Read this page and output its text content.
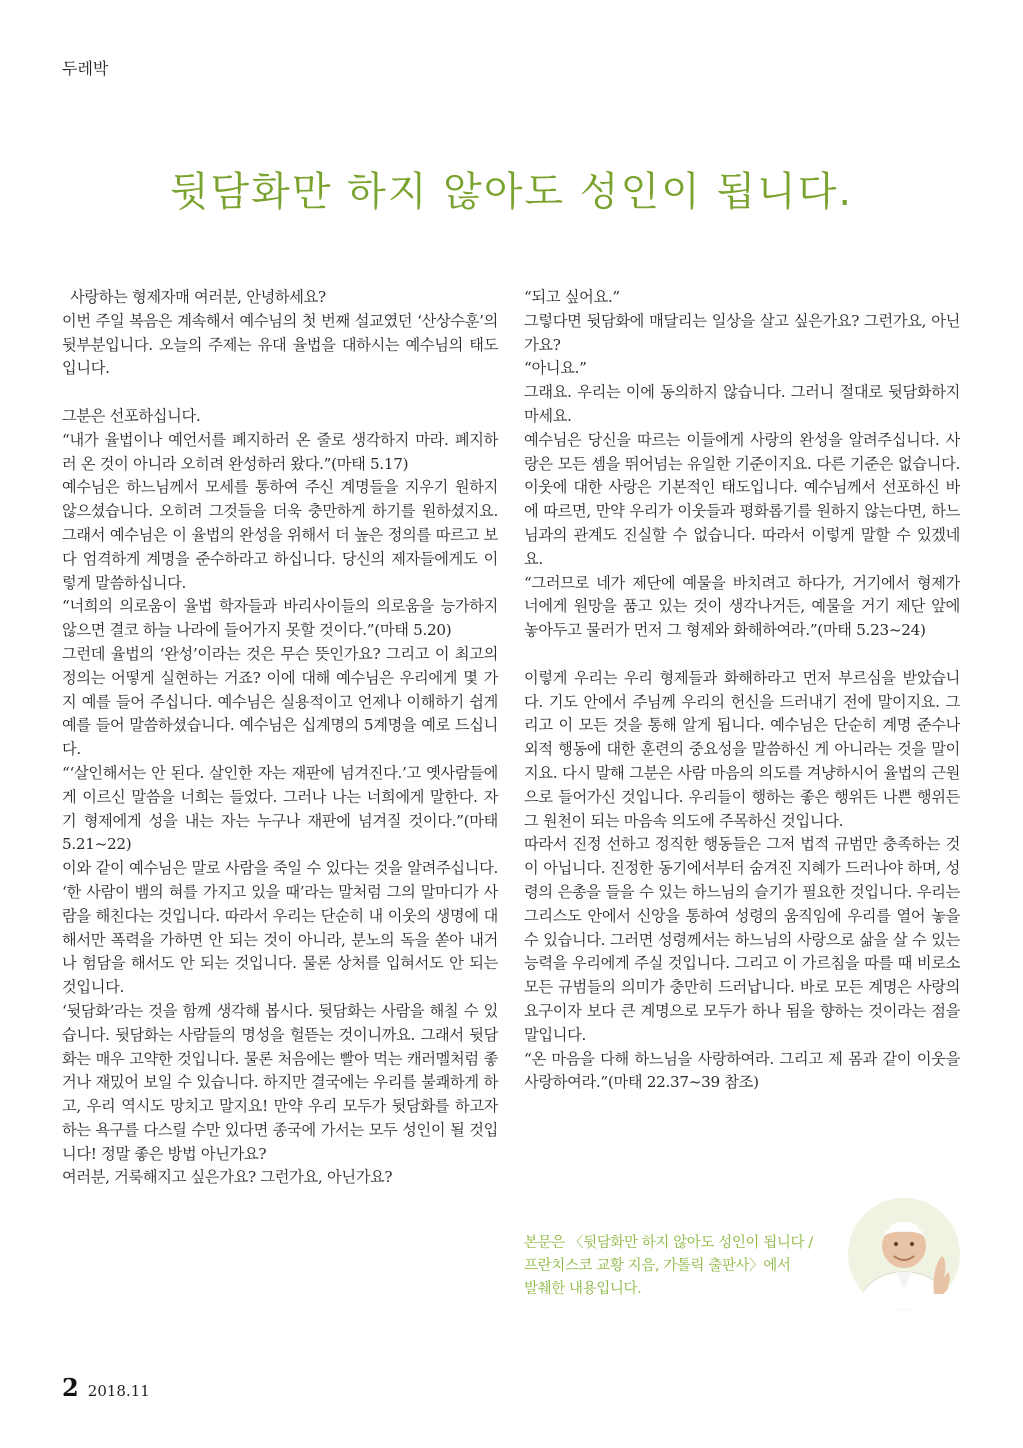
두레박
뒷담화만 하지 않아도 성인이 됩니다.

사랑하는 형제자매 여러분, 안녕하세요?

이번 주일 복음은 계속해서 예수님의 첫 번째 설교였던 ‘산상수훈’의 뒷부분입니다. 오늘의 주제는 유대 율법을 대하시는 예수님의 태도입니다.

그분은 선포하십니다.

“내가 율법이나 예언서를 폐지하러 온 줄로 생각하지 마라. 폐지하러 온 것이 아니라 오히려 완성하러 왔다.”(마태 5.17)

예수님은 하느님께서 모세를 통하여 주신 계명들을 지우기 원하지 않으셨습니다. 오히려 그것들을 더욱 충만하게 하기를 원하셨지요. 그래서 예수님은 이 율법의 완성을 위해서 더 높은 정의를 따르고 보다 엄격하게 계명을 준수하라고 하십니다. 당신의 제자들에게도 이렇게 말씀하십니다.

“너희의 의로움이 율법 학자들과 바리사이들의 의로움을 능가하지 않으면 결코 하늘 나라에 들어가지 못할 것이다.”(마태 5.20)

그런데 율법의 ‘완성’이라는 것은 무슨 뜻인가요? 그리고 이 최고의 정의는 어떻게 실현하는 거죠? 이에 대해 예수님은 우리에게 몇 가지 예를 들어 주십니다. 예수님은 실용적이고 언제나 이해하기 쉽게 예를 들어 말씀하셨습니다. 예수님은 십계명의 5계명을 예로 드십니다.

“‘살인해서는 안 된다. 살인한 자는 재판에 넘겨진다.’고 옛사람들에게 이르신 말씀을 너희는 들었다. 그러나 나는 너희에게 말한다. 자기 형제에게 성을 내는 자는 누구나 재판에 넘겨질 것이다.”(마태 5.21~22)

이와 같이 예수님은 말로 사람을 죽일 수 있다는 것을 알려주십니다. ‘한 사람이 뱀의 혀를 가지고 있을 때’라는 말처럼 그의 말마디가 사람을 해친다는 것입니다. 따라서 우리는 단순히 내 이웃의 생명에 대해서만 폭력을 가하면 안 되는 것이 아니라, 분노의 독을 쏟아 내거나 험담을 해서도 안 되는 것입니다. 물론 상처를 입혀서도 안 되는 것입니다.

‘뒷담화’라는 것을 함께 생각해 봅시다. 뒷담화는 사람을 해칠 수 있습니다. 뒷담화는 사람들의 명성을 헐뜯는 것이니까요. 그래서 뒷담화는 매우 고약한 것입니다. 물론 처음에는 빨아 먹는 캐러멜처럼 좋거나 재밌어 보일 수 있습니다. 하지만 결국에는 우리를 불쾌하게 하고, 우리 역시도 망치고 말지요! 만약 우리 모두가 뒷담화를 하고자 하는 욕구를 다스릴 수만 있다면 종국에 가서는 모두 성인이 될 것입니다! 정말 좋은 방법 아닌가요?

여러분, 거룩해지고 싶은가요? 그런가요, 아닌가요?

“되고 싶어요.”

그렇다면 뒷담화에 매달리는 일상을 살고 싶은가요? 그런가요, 아닌가요?

“아니요.”

그래요. 우리는 이에 동의하지 않습니다. 그러니 절대로 뒷담화하지 마세요.

예수님은 당신을 따르는 이들에게 사랑의 완성을 알려주십니다. 사랑은 모든 셈을 뛰어넘는 유일한 기준이지요. 다른 기준은 없습니다. 이웃에 대한 사랑은 기본적인 태도입니다. 예수님께서 선포하신 바에 따르면, 만약 우리가 이웃들과 평화롭기를 원하지 않는다면, 하느님과의 관계도 진실할 수 없습니다. 따라서 이렇게 말할 수 있겠네요.

“그러므로 네가 제단에 예물을 바치려고 하다가, 거기에서 형제가 너에게 원망을 품고 있는 것이 생각나거든, 예물을 거기 제단 앞에 놓아두고 물러가 먼저 그 형제와 화해하여라.”(마태 5.23~24)

이렇게 우리는 우리 형제들과 화해하라고 먼저 부르심을 받았습니다. 기도 안에서 주님께 우리의 헌신을 드러내기 전에 말이지요. 그리고 이 모든 것을 통해 알게 됩니다. 예수님은 단순히 계명 준수나 외적 행동에 대한 훈련의 중요성을 말씀하신 게 아니라는 것을 말이지요. 다시 말해 그분은 사람 마음의 의도를 겨냥하시어 율법의 근원으로 들어가신 것입니다. 우리들이 행하는 좋은 행위든 나쁜 행위든 그 원천이 되는 마음속 의도에 주목하신 것입니다.

따라서 진정 선하고 정직한 행동들은 그저 법적 규범만 충족하는 것이 아닙니다. 진정한 동기에서부터 숨겨진 지혜가 드러나야 하며, 성령의 은총을 들을 수 있는 하느님의 슬기가 필요한 것입니다. 우리는 그리스도 안에서 신앙을 통하여 성령의 움직임에 우리를 열어 놓을 수 있습니다. 그러면 성령께서는 하느님의 사랑으로 삶을 살 수 있는 능력을 우리에게 주실 것입니다. 그리고 이 가르침을 따를 때 비로소 모든 규범들의 의미가 충만히 드러납니다. 바로 모든 계명은 사랑의 요구이자 보다 큰 계명으로 모두가 하나 됨을 향하는 것이라는 점을 말입니다.

“온 마음을 다해 하느님을 사랑하여라. 그리고 제 몸과 같이 이웃을 사랑하여라.”(마태 22.37~39 참조)

본문은 〈뒷담화만 하지 않아도 성인이 됩니다 /
프란치스코 교황 지음, 가톨릭 출판사〉에서
발췌한 내용입니다.
2 2018.11
